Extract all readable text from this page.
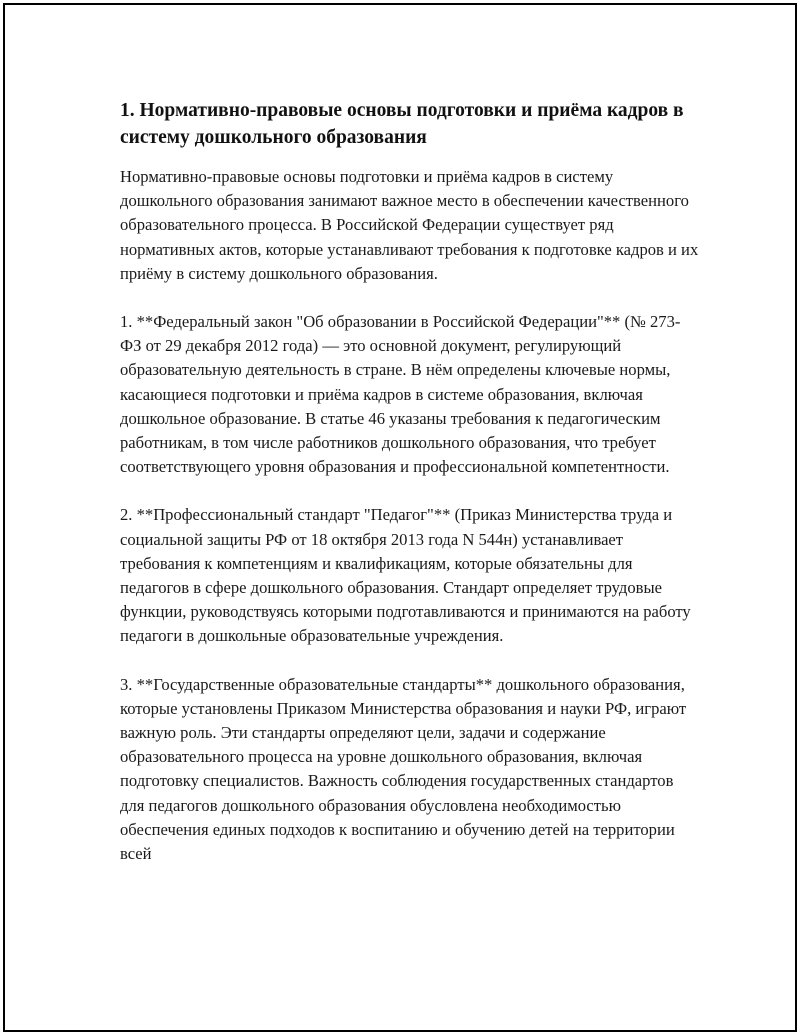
1. Нормативно-правовые основы подготовки и приёма кадров в систему дошкольного образования

Нормативно-правовые основы подготовки и приёма кадров в систему дошкольного образования занимают важное место в обеспечении качественного образовательного процесса. В Российской Федерации существует ряд нормативных актов, которые устанавливают требования к подготовке кадров и их приёму в систему дошкольного образования.

1. **Федеральный закон "Об образовании в Российской Федерации"** (№ 273-ФЗ от 29 декабря 2012 года) — это основной документ, регулирующий образовательную деятельность в стране. В нём определены ключевые нормы, касающиеся подготовки и приёма кадров в системе образования, включая дошкольное образование. В статье 46 указаны требования к педагогическим работникам, в том числе работников дошкольного образования, что требует соответствующего уровня образования и профессиональной компетентности.

2. **Профессиональный стандарт "Педагог"** (Приказ Министерства труда и социальной защиты РФ от 18 октября 2013 года N 544н) устанавливает требования к компетенциям и квалификациям, которые обязательны для педагогов в сфере дошкольного образования. Стандарт определяет трудовые функции, руководствуясь которыми подготавливаются и принимаются на работу педагоги в дошкольные образовательные учреждения.

3. **Государственные образовательные стандарты** дошкольного образования, которые установлены Приказом Министерства образования и науки РФ, играют важную роль. Эти стандарты определяют цели, задачи и содержание образовательного процесса на уровне дошкольного образования, включая подготовку специалистов. Важность соблюдения государственных стандартов для педагогов дошкольного образования обусловлена необходимостью обеспечения единых подходов к воспитанию и обучению детей на территории всей
